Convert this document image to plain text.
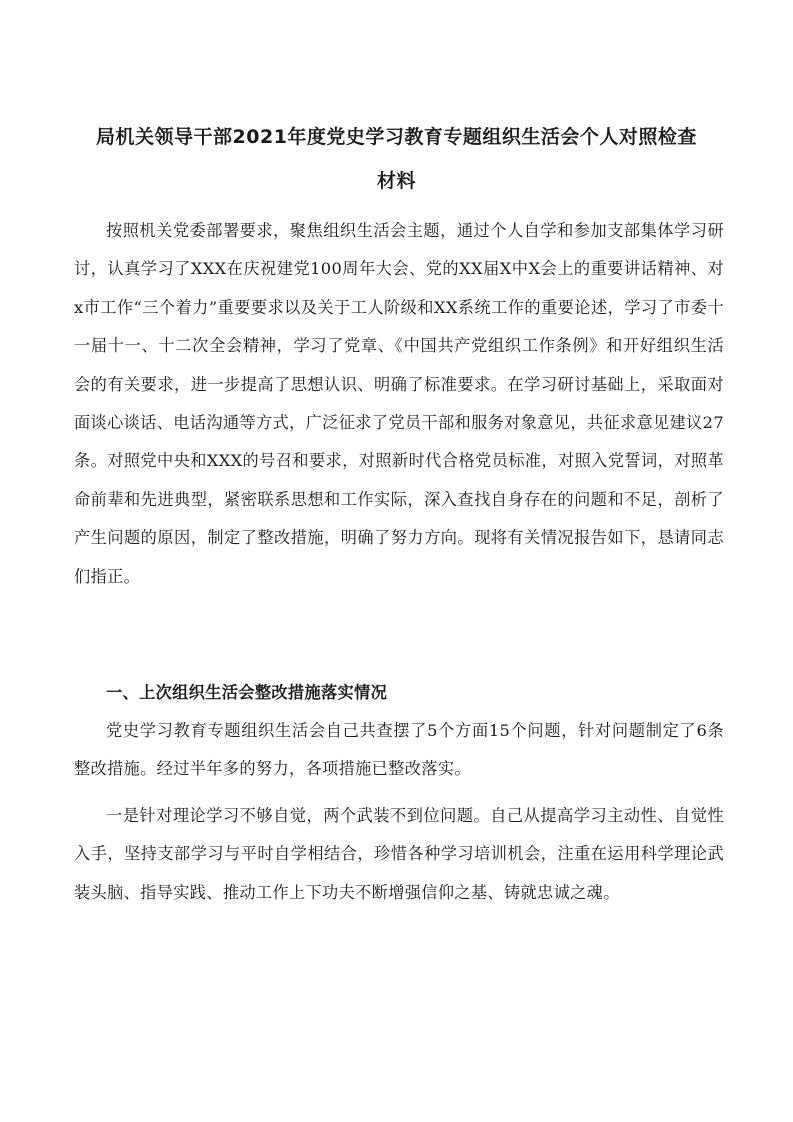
局机关领导干部2021年度党史学习教育专题组织生活会个人对照检查
材料

按照机关党委部署要求，聚焦组织生活会主题，通过个人自学和参加支部集体学习研讨，认真学习了XXX在庆祝建党100周年大会、党的XX届X中X会上的重要讲话精神、对x市工作“三个着力”重要要求以及关于工人阶级和XX系统工作的重要论述，学习了市委十一届十一、十二次全会精神，学习了党章、《中国共产党组织工作条例》和开好组织生活会的有关要求，进一步提高了思想认识、明确了标准要求。在学习研讨基础上，采取面对面谈心谈话、电话沟通等方式，广泛征求了党员干部和服务对象意见，共征求意见建议27条。对照党中央和XXX的号召和要求，对照新时代合格党员标准，对照入党誓词，对照革命前辈和先进典型，紧密联系思想和工作实际，深入查找自身存在的问题和不足，剖析了产生问题的原因，制定了整改措施，明确了努力方向。现将有关情况报告如下，恳请同志们指正。

一、上次组织生活会整改措施落实情况

党史学习教育专题组织生活会自己共查摆了5个方面15个问题，针对问题制定了6条整改措施。经过半年多的努力，各项措施已整改落实。

一是针对理论学习不够自觉，两个武装不到位问题。自己从提高学习主动性、自觉性入手，坚持支部学习与平时自学相结合，珍惜各种学习培训机会，注重在运用科学理论武装头脑、指导实践、推动工作上下功夫不断增强信仰之基、铸就忠诚之魂。
